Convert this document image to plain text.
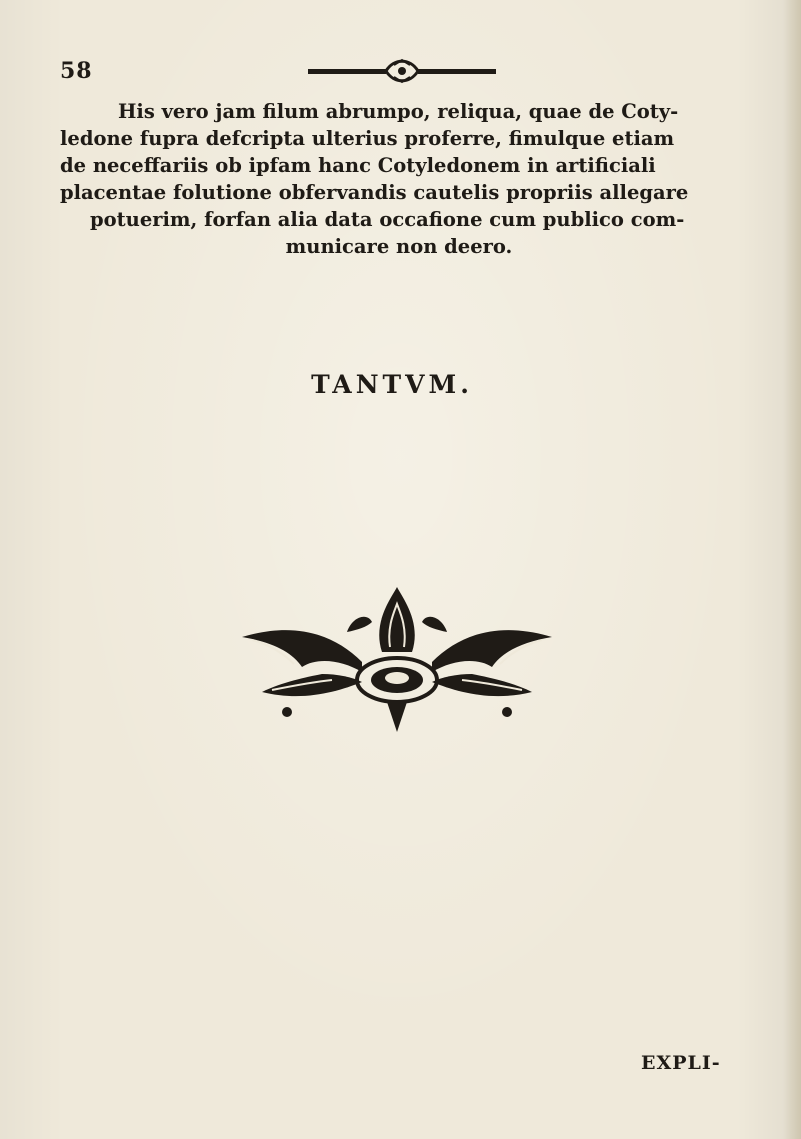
58
His vero jam filum abrumpo, reliqua, quae de Coty-
ledone fupra defcripta ulterius proferre, fimulque etiam
de neceffariis ob ipfam hanc Cotyledonem in artificiali
placentae folutione obfervandis cautelis propriis allegare
potuerim, forfan alia data occafione cum publico com-
municare non deero.
TANTVM.
EXPLI-
